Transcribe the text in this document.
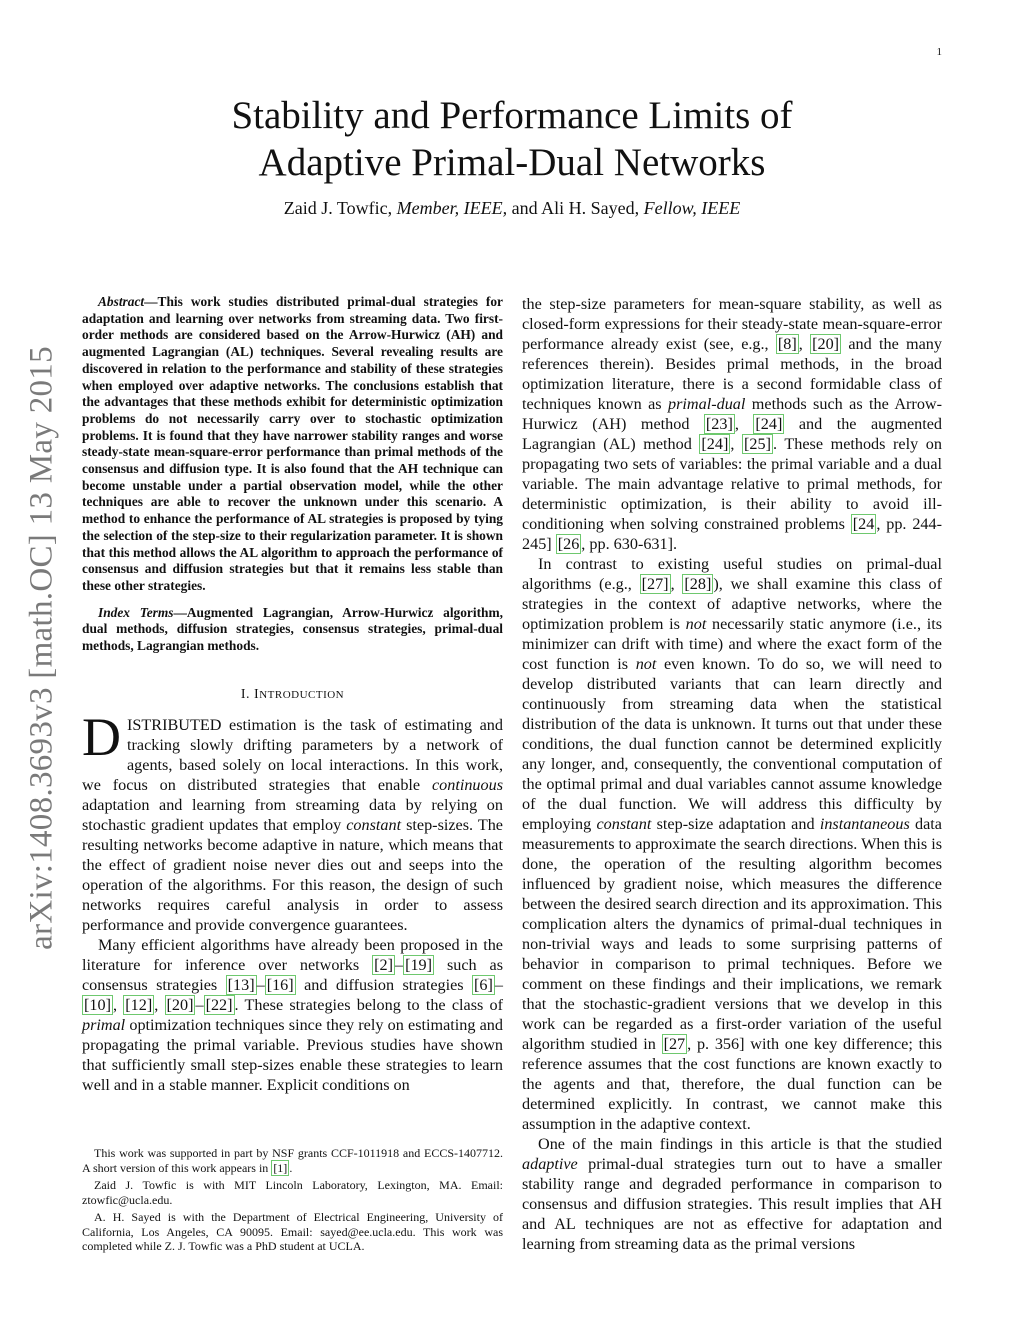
1
arXiv:1408.3693v3 [math.OC] 13 May 2015
Stability and Performance Limits of
Adaptive Primal-Dual Networks
Zaid J. Towfic, Member, IEEE, and Ali H. Sayed, Fellow, IEEE

Abstract—This work studies distributed primal-dual strategies for adaptation and learning over networks from streaming data. Two first-order methods are considered based on the Arrow-Hurwicz (AH) and augmented Lagrangian (AL) techniques. Several revealing results are discovered in relation to the performance and stability of these strategies when employed over adaptive networks. The conclusions establish that the advantages that these methods exhibit for deterministic optimization problems do not necessarily carry over to stochastic optimization problems. It is found that they have narrower stability ranges and worse steady-state mean-square-error performance than primal methods of the consensus and diffusion type. It is also found that the AH technique can become unstable under a partial observation model, while the other techniques are able to recover the unknown under this scenario. A method to enhance the performance of AL strategies is proposed by tying the selection of the step-size to their regularization parameter. It is shown that this method allows the AL algorithm to approach the performance of consensus and diffusion strategies but that it remains less stable than these other strategies.

Index Terms—Augmented Lagrangian, Arrow-Hurwicz algorithm, dual methods, diffusion strategies, consensus strategies, primal-dual methods, Lagrangian methods.

I. INTRODUCTION

DISTRIBUTED estimation is the task of estimating and tracking slowly drifting parameters by a network of agents, based solely on local interactions. In this work, we focus on distributed strategies that enable continuous adaptation and learning from streaming data by relying on stochastic gradient updates that employ constant step-sizes. The resulting networks become adaptive in nature, which means that the effect of gradient noise never dies out and seeps into the operation of the algorithms. For this reason, the design of such networks requires careful analysis in order to assess performance and provide convergence guarantees.

Many efficient algorithms have already been proposed in the literature for inference over networks [2] – [19] such as consensus strategies [13] – [16] and diffusion strategies [6] –[10] , [12] , [20] – [22] . These strategies belong to the class of primal optimization techniques since they rely on estimating and propagating the primal variable. Previous studies have shown that sufficiently small step-sizes enable these strategies to learn well and in a stable manner. Explicit conditions on

This work was supported in part by NSF grants CCF-1011918 and ECCS-1407712. A short version of this work appears in [1] .

Zaid J. Towfic is with MIT Lincoln Laboratory, Lexington, MA. Email: ztowfic@ucla.edu.

A. H. Sayed is with the Department of Electrical Engineering, University of California, Los Angeles, CA 90095. Email: sayed@ee.ucla.edu. This work was completed while Z. J. Towfic was a PhD student at UCLA.

the step-size parameters for mean-square stability, as well as closed-form expressions for their steady-state mean-square-error performance already exist (see, e.g., [8] , [20] and the many references therein). Besides primal methods, in the broad optimization literature, there is a second formidable class of techniques known as primal-dual methods such as the Arrow-Hurwicz (AH) method [23] , [24] and the augmented Lagrangian (AL) method [24] , [25] . These methods rely on propagating two sets of variables: the primal variable and a dual variable. The main advantage relative to primal methods, for deterministic optimization, is their ability to avoid ill-conditioning when solving constrained problems [24 , pp. 244-245] [26 , pp. 630-631].

In contrast to existing useful studies on primal-dual algorithms (e.g., [27] , [28] ), we shall examine this class of strategies in the context of adaptive networks, where the optimization problem is not necessarily static anymore (i.e., its minimizer can drift with time) and where the exact form of the cost function is not even known. To do so, we will need to develop distributed variants that can learn directly and continuously from streaming data when the statistical distribution of the data is unknown. It turns out that under these conditions, the dual function cannot be determined explicitly any longer, and, consequently, the conventional computation of the optimal primal and dual variables cannot assume knowledge of the dual function. We will address this difficulty by employing constant step-size adaptation and instantaneous data measurements to approximate the search directions. When this is done, the operation of the resulting algorithm becomes influenced by gradient noise, which measures the difference between the desired search direction and its approximation. This complication alters the dynamics of primal-dual techniques in non-trivial ways and leads to some surprising patterns of behavior in comparison to primal techniques. Before we comment on these findings and their implications, we remark that the stochastic-gradient versions that we develop in this work can be regarded as a first-order variation of the useful algorithm studied in [27 , p. 356] with one key difference; this reference assumes that the cost functions are known exactly to the agents and that, therefore, the dual function can be determined explicitly. In contrast, we cannot make this assumption in the adaptive context.

One of the main findings in this article is that the studied adaptive primal-dual strategies turn out to have a smaller stability range and degraded performance in comparison to consensus and diffusion strategies. This result implies that AH and AL techniques are not as effective for adaptation and learning from streaming data as the primal versions
